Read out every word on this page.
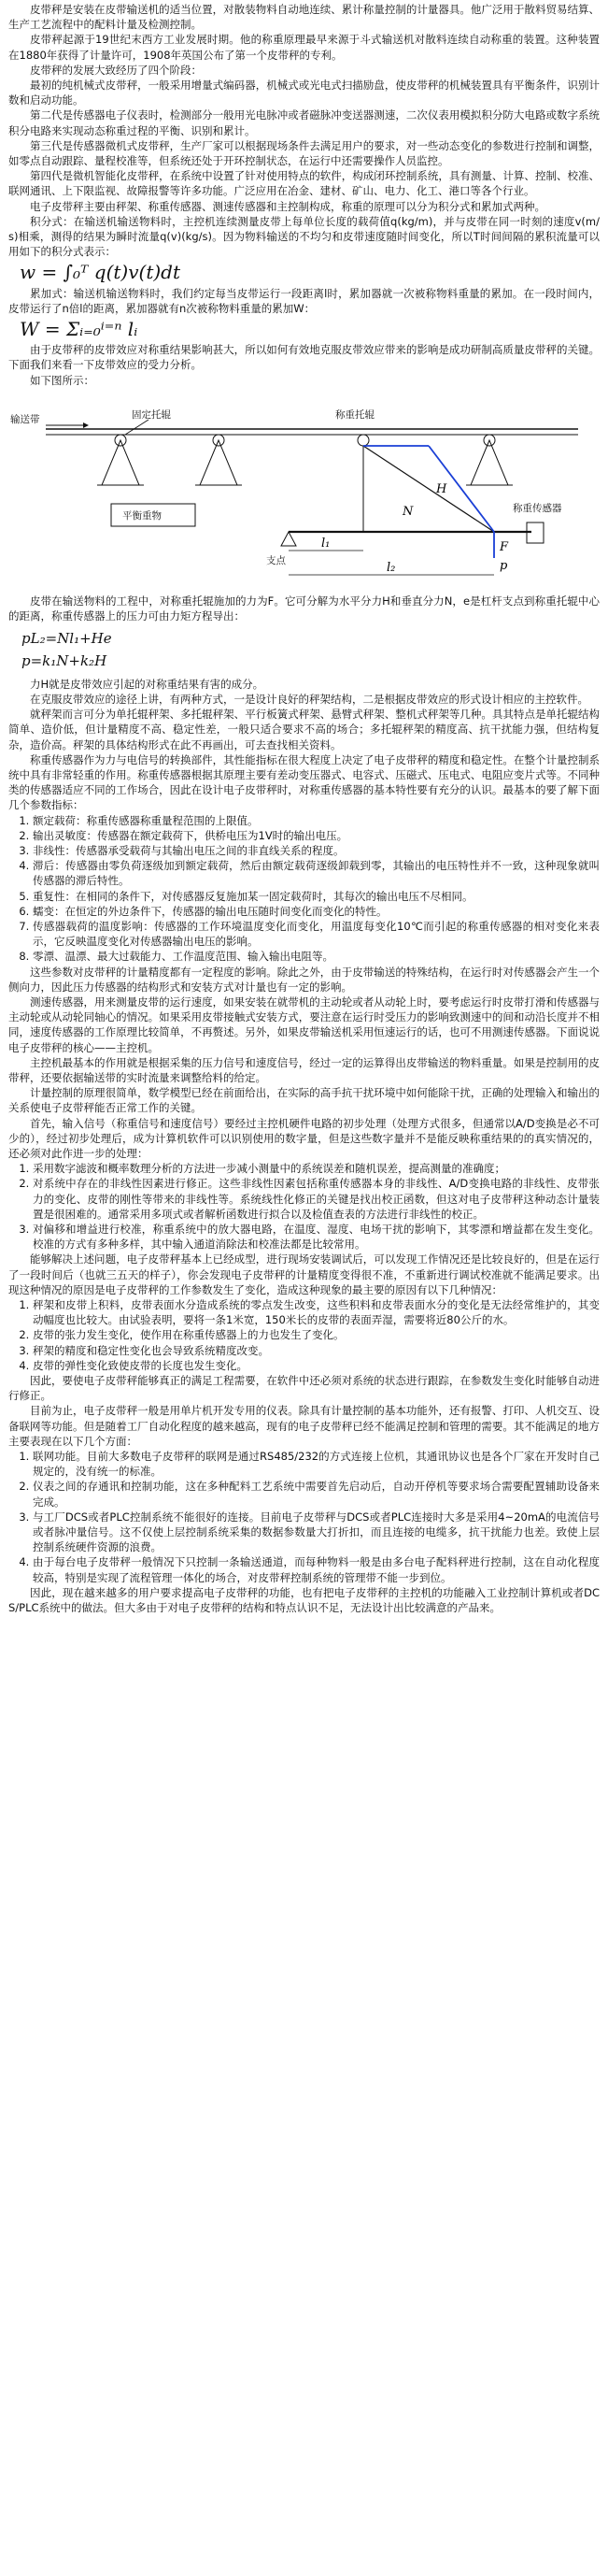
皮带秤是安装在皮带输送机的适当位置，对散装物料自动地连续、累计称量控制的计量器具。他广泛用于散料贸易结算、生产工艺流程中的配料计量及检测控制。

皮带秤起源于19世纪末西方工业发展时期。他的称重原理最早来源于斗式输送机对散料连续自动称重的装置。这种装置在1880年获得了计量许可，1908年英国公布了第一个皮带秤的专利。

皮带秤的发展大致经历了四个阶段：

最初的纯机械式皮带秤，一般采用增量式编码器，机械式或光电式扫描励盘，使皮带秤的机械装置具有平衡条件，识别计数和启动功能。

第二代是传感器电子仪表时，检测部分一般用光电脉冲或者磁脉冲变送器测速，二次仪表用模拟积分防大电路或数字系统积分电路来实现动态称重过程的平衡、识别和累计。

第三代是传感器微机式皮带秤，生产厂家可以根据现场条件去满足用户的要求，对一些动态变化的参数进行控制和调整，如零点自动跟踪、量程校准等，但系统还处于开环控制状态，在运行中还需要操作人员监控。

第四代是微机智能化皮带秤，在系统中设置了针对使用特点的软件，构成闭环控制系统，具有测量、计算、控制、校准、联网通讯、上下限监视、故障报警等许多功能。广泛应用在冶金、建材、矿山、电力、化工、港口等各个行业。

电子皮带秤主要由秤架、称重传感器、测速传感器和主控制构成，称重的原理可以分为积分式和累加式两种。

积分式：在输送机输送物料时，主控机连续测量皮带上每单位长度的载荷值q(kg/m)，并与皮带在同一时刻的速度v(m/s)相乘，测得的结果为瞬时流量q(v)(kg/s)。因为物料输送的不均匀和皮带速度随时间变化，所以T时间间隔的累积流量可以用如下的积分式表示：

w = ∫₀ᵀ q(t)v(t)dt

累加式：输送机输送物料时，我们约定每当皮带运行一段距离l时，累加器就一次被称物料重量的累加。在一段时间内，皮带运行了n倍l的距离，累加器就有n次被称物料重量的累加W：

W = Σᵢ₌₀ⁱ⁼ⁿ lᵢ

由于皮带秤的皮带效应对称重结果影响甚大，所以如何有效地克服皮带效应带来的影响是成功研制高质量皮带秤的关键。下面我们来看一下皮带效应的受力分析。

如下图所示：

输送带	固定托辊
平衡重物
称重托辊
支点
H
N
F
p
称重传感器
l₁
l₂

皮带在输送物料的工程中，对称重托辊施加的力为F。它可分解为水平分力H和垂直分力N，e是杠杆支点到称重托辊中心的距离，称重传感器上的压力可由力矩方程导出：

pL₂=Nl₁+He
p=k₁N+k₂H

力H就是皮带效应引起的对称重结果有害的成分。

在克服皮带效应的途径上讲，有两种方式，一是设计良好的秤架结构，二是根据皮带效应的形式设计相应的主控软件。

就秤架而言可分为单托辊秤架、多托辊秤架、平行板簧式秤架、悬臂式秤架、整机式秤架等几种。具其特点是单托辊结构简单、造价低，但计量精度不高、稳定性差，一般只适合要求不高的场合；多托辊秤架的精度高、抗干扰能力强，但结构复杂，造价高。秤架的具体结构形式在此不再画出，可去查找相关资料。

称重传感器作为力与电信号的转换部件，其性能指标在很大程度上决定了电子皮带秤的精度和稳定性。在整个计量控制系统中具有非常轻重的作用。称重传感器根据其原理主要有差动变压器式、电容式、压磁式、压电式、电阻应变片式等。不同种类的传感器适应不同的工作场合，因此在设计电子皮带秤时，对称重传感器的基本特性要有充分的认识。最基本的要了解下面几个参数指标：

1. 额定载荷：称重传感器称重量程范围的上限值。
2. 输出灵敏度：传感器在额定载荷下，供桥电压为1V时的输出电压。
3. 非线性：传感器承受载荷与其输出电压之间的非直线关系的程度。
4. 滞后：传感器由零负荷逐级加到额定载荷，然后由额定载荷逐级卸载到零，其输出的电压特性并不一致，这种现象就叫传感器的滞后特性。
5. 重复性：在相同的条件下，对传感器反复施加某一固定载荷时，其每次的输出电压不尽相同。
6. 蠕变：在恒定的外边条件下，传感器的输出电压随时间变化而变化的特性。
7. 传感器载荷的温度影响：传感器的工作环境温度变化而变化，用温度每变化10℃而引起的称重传感器的相对变化来表示，它反映温度变化对传感器输出电压的影响。
8. 零漂、温漂、最大过载能力、工作温度范围、输入输出电阻等。

这些参数对皮带秤的计量精度都有一定程度的影响。除此之外，由于皮带输送的特殊结构，在运行时对传感器会产生一个侧向力，因此压力传感器的结构形式和安装方式对计量也有一定的影响。

测速传感器，用来测量皮带的运行速度，如果安装在就带机的主动轮或者从动轮上时，要考虑运行时皮带打滑和传感器与主动轮或从动轮同轴心的情况。如果采用皮带接触式安装方式，要注意在运行时受压力的影响致测速中的间和动沿长度并不相同，速度传感器的工作原理比较简单，不再赘述。另外，如果皮带输送机采用恒速运行的话，也可不用测速传感器。下面说说电子皮带秤的核心——主控机。

主控机最基本的作用就是根据采集的压力信号和速度信号，经过一定的运算得出皮带输送的物料重量。如果是控制用的皮带秤，还要依据输送带的实时流量来调整给料的给定。

计量控制的原理很简单，数学模型已经在前面给出，在实际的高手抗干扰环境中如何能除干扰，正确的处理输入和输出的关系使电子皮带秤能否正常工作的关键。

首先，输入信号（称重信号和速度信号）要经过主控机硬件电路的初步处理（处理方式很多，但通常以A/D变换是必不可少的），经过初步处理后，成为计算机软件可以识别使用的数字量，但是这些数字量并不是能反映称重结果的的真实情况的，还必须对此作进一步的处理：

1. 采用数字滤波和概率数理分析的方法进一步减小测量中的系统误差和随机误差，提高测量的准确度；
2. 对系统中存在的非线性因素进行修正。这些非线性因素包括称重传感器本身的非线性、A/D变换电路的非线性、皮带张力的变化、皮带的刚性等带来的非线性等。系统线性化修正的关键是找出校正函数，但这对电子皮带秤这种动态计量装置是很困难的。通常采用多项式或者解析函数进行拟合以及检值查表的方法进行非线性的校正。
3. 对偏移和增益进行校准，称重系统中的放大器电路，在温度、湿度、电场干扰的影响下，其零漂和增益都在发生变化。校准的方式有多种多样，其中输入通道消除法和校准法都是比较常用。

能够解决上述问题，电子皮带秤基本上已经成型，进行现场安装调试后，可以发现工作情况还是比较良好的，但是在运行了一段时间后（也就三五天的样子），你会发现电子皮带秤的计量精度变得很不准，不重新进行调试校准就不能满足要求。出现这种情况的原因是电子皮带秤的工作参数发生了变化，造成这种现象的最主要的原因有以下几种情况：

1. 秤架和皮带上积料，皮带表面水分造成系统的零点发生改变，这些积料和皮带表面水分的变化是无法经常维护的，其变动幅度也比较大。由试验表明，要将一条1米宽，150米长的皮带的表面弄湿，需要将近80公斤的水。
2. 皮带的张力发生变化，使作用在称重传感器上的力也发生了变化。
3. 秤架的精度和稳定性变化也会导致系统精度改变。
4. 皮带的弹性变化致使皮带的长度也发生变化。

因此，要使电子皮带秤能够真正的满足工程需要，在软件中还必须对系统的状态进行跟踪，在参数发生变化时能够自动进行修正。

目前为止，电子皮带秤一般是用单片机开发专用的仪表。除具有计量控制的基本功能外，还有报警、打印、人机交互、设备联网等功能。但是随着工厂自动化程度的越来越高，现有的电子皮带秤已经不能满足控制和管理的需要。其不能满足的地方主要表现在以下几个方面：

1. 联网功能。目前大多数电子皮带秤的联网是通过RS485/232的方式连接上位机，其通讯协议也是各个厂家在开发时自己规定的，没有统一的标准。
2. 仪表之间的存通讯和控制功能，这在多种配料工艺系统中需要首先启动后，自动开停机等要求场合需要配置辅助设备来完成。
3. 与工厂DCS或者PLC控制系统不能很好的连接。目前电子皮带秤与DCS或者PLC连接时大多是采用4~20mA的电流信号或者脉冲量信号。这不仅使上层控制系统采集的数据参数量大打折扣，而且连接的电缆多，抗干扰能力也差。致使上层控制系统硬件资源的浪费。
4. 由于每台电子皮带秤一般情况下只控制一条输送通道，而每种物料一般是由多台电子配料秤进行控制，这在自动化程度较高，特别是实现了流程管理一体化的场合，对皮带秤控制系统的管理带不能一步到位。

因此，现在越来越多的用户要求提高电子皮带秤的功能，也有把电子皮带秤的主控机的功能融入工业控制计算机或者DCS/PLC系统中的做法。但大多由于对电子皮带秤的结构和特点认识不足，无法设计出比较满意的产品来。
